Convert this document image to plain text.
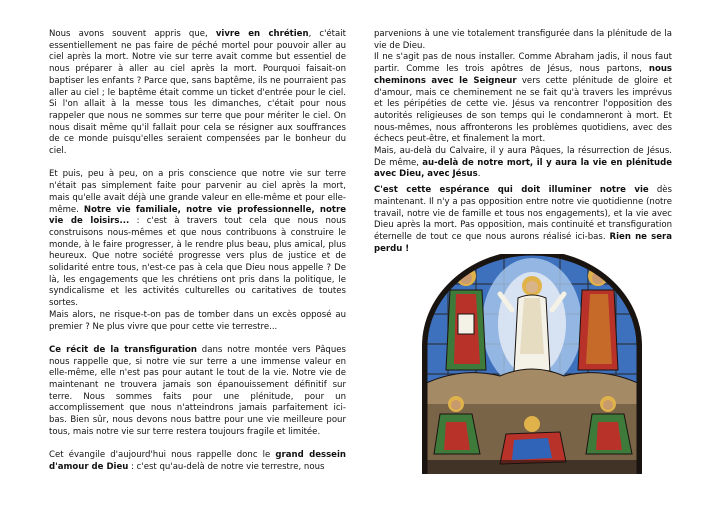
Nous avons souvent appris que, vivre en chrétien, c'était essentiellement ne pas faire de péché mortel pour pouvoir aller au ciel après la mort. Notre vie sur terre avait comme but essentiel de nous préparer à aller au ciel après la mort. Pourquoi faisait-on baptiser les enfants ? Parce que, sans baptême, ils ne pourraient pas aller au ciel ; le baptême était comme un ticket d'entrée pour le ciel. Si l'on allait à la messe tous les dimanches, c'était pour nous rappeler que nous ne sommes sur terre que pour mériter le ciel. On nous disait même qu'il fallait pour cela se résigner aux souffrances de ce monde puisqu'elles seraient compensées par le bonheur du ciel.

Et puis, peu à peu, on a pris conscience que notre vie sur terre n'était pas simplement faite pour parvenir au ciel après la mort, mais qu'elle avait déjà une grande valeur en elle-même et pour elle-même. Notre vie familiale, notre vie professionnelle, notre vie de loisirs... : c'est à travers tout cela que nous nous construisons nous-mêmes et que nous contribuons à construire le monde, à le faire progresser, à le rendre plus beau, plus amical, plus heureux. Que notre société progresse vers plus de justice et de solidarité entre tous, n'est-ce pas à cela que Dieu nous appelle ? De là, les engagements que les chrétiens ont pris dans la politique, le syndicalisme et les activités culturelles ou caritatives de toutes sortes.

Mais alors, ne risque-t-on pas de tomber dans un excès opposé au premier ? Ne plus vivre que pour cette vie terrestre...

Ce récit de la transfiguration dans notre montée vers Pâques nous rappelle que, si notre vie sur terre a une immense valeur en elle-même, elle n'est pas pour autant le tout de la vie. Notre vie de maintenant ne trouvera jamais son épanouissement définitif sur terre. Nous sommes faits pour une plénitude, pour un accomplissement que nous n'atteindrons jamais parfaitement ici-bas. Bien sûr, nous devons nous battre pour une vie meilleure pour tous, mais notre vie sur terre restera toujours fragile et limitée.

Cet évangile d'aujourd'hui nous rappelle donc le grand dessein d'amour de Dieu : c'est qu'au-delà de notre vie terrestre, nous

parvenions à une vie totalement transfigurée dans la plénitude de la vie de Dieu.

Il ne s'agit pas de nous installer. Comme Abraham jadis, il nous faut partir. Comme les trois apôtres de Jésus, nous partons, nous cheminons avec le Seigneur vers cette plénitude de gloire et d'amour, mais ce cheminement ne se fait qu'à travers les imprévus et les péripéties de cette vie. Jésus va rencontrer l'opposition des autorités religieuses de son temps qui le condamneront à mort. Et nous-mêmes, nous affronterons les problèmes quotidiens, avec des échecs peut-être, et finalement la mort.

Mais, au-delà du Calvaire, il y aura Pâques, la résurrection de Jésus. De même, au-delà de notre mort, il y aura la vie en plénitude avec Dieu, avec Jésus.

C'est cette espérance qui doit illuminer notre vie dès maintenant. Il n'y a pas opposition entre notre vie quotidienne (notre travail, notre vie de famille et tous nos engagements), et la vie avec Dieu après la mort. Pas opposition, mais continuité et transfiguration éternelle de tout ce que nous aurons réalisé ici-bas. Rien ne sera perdu !
